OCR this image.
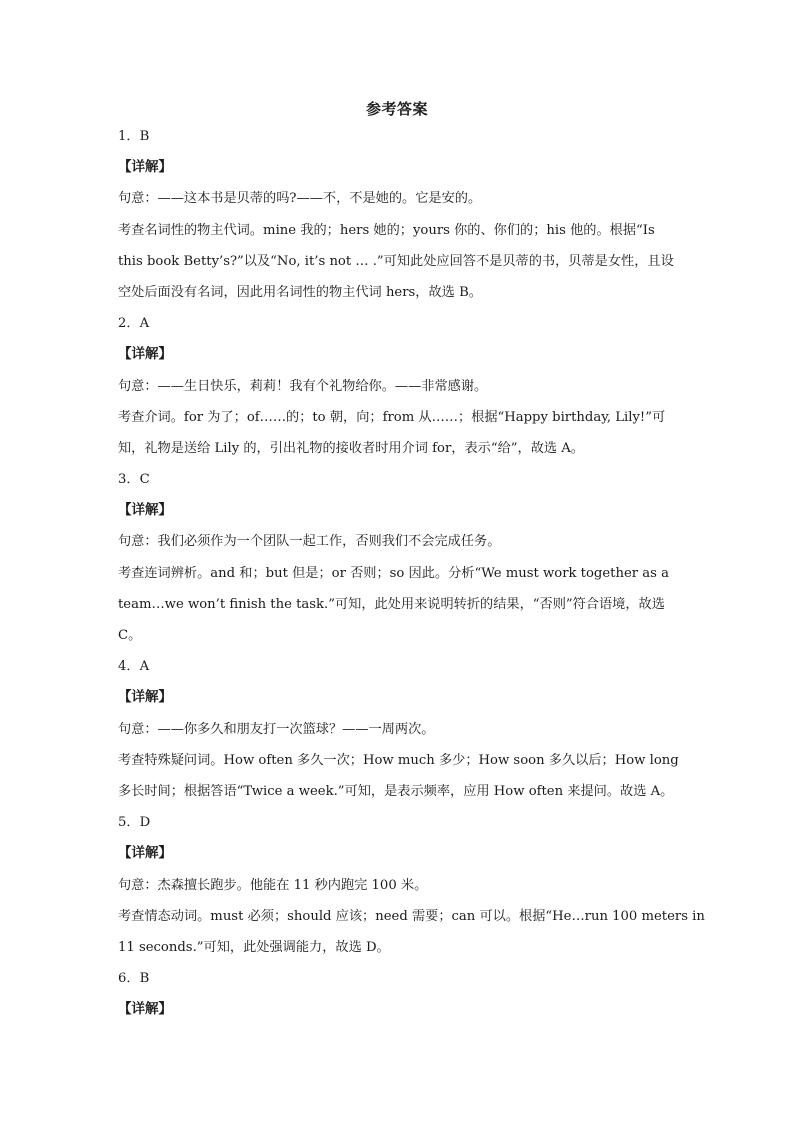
参考答案
1．B
【详解】
句意：——这本书是贝蒂的吗?——不，不是她的。它是安的。
考查名词性的物主代词。mine 我的；hers 她的；yours 你的、你们的；his 他的。根据“Is
this book Betty’s?”以及“No, it’s not … .”可知此处应回答不是贝蒂的书，贝蒂是女性，且设
空处后面没有名词，因此用名词性的物主代词 hers，故选 B。
2．A
【详解】
句意：——生日快乐，莉莉！我有个礼物给你。——非常感谢。
考查介词。for 为了；of……的；to 朝，向；from 从……；根据“Happy birthday, Lily!”可
知，礼物是送给 Lily 的，引出礼物的接收者时用介词 for，表示“给”，故选 A。
3．C
【详解】
句意：我们必须作为一个团队一起工作，否则我们不会完成任务。
考查连词辨析。and 和；but 但是；or 否则；so 因此。分析“We must work together as a
team…we won’t finish the task.”可知，此处用来说明转折的结果，“否则”符合语境，故选
C。
4．A
【详解】
句意：——你多久和朋友打一次篮球？——一周两次。
考查特殊疑问词。How often 多久一次；How much 多少；How soon 多久以后；How long
多长时间；根据答语“Twice a week.”可知，是表示频率，应用 How often 来提问。故选 A。
5．D
【详解】
句意：杰森擅长跑步。他能在 11 秒内跑完 100 米。
考查情态动词。must 必须；should 应该；need 需要；can 可以。根据“He…run 100 meters in
11 seconds.”可知，此处强调能力，故选 D。
6．B
【详解】
